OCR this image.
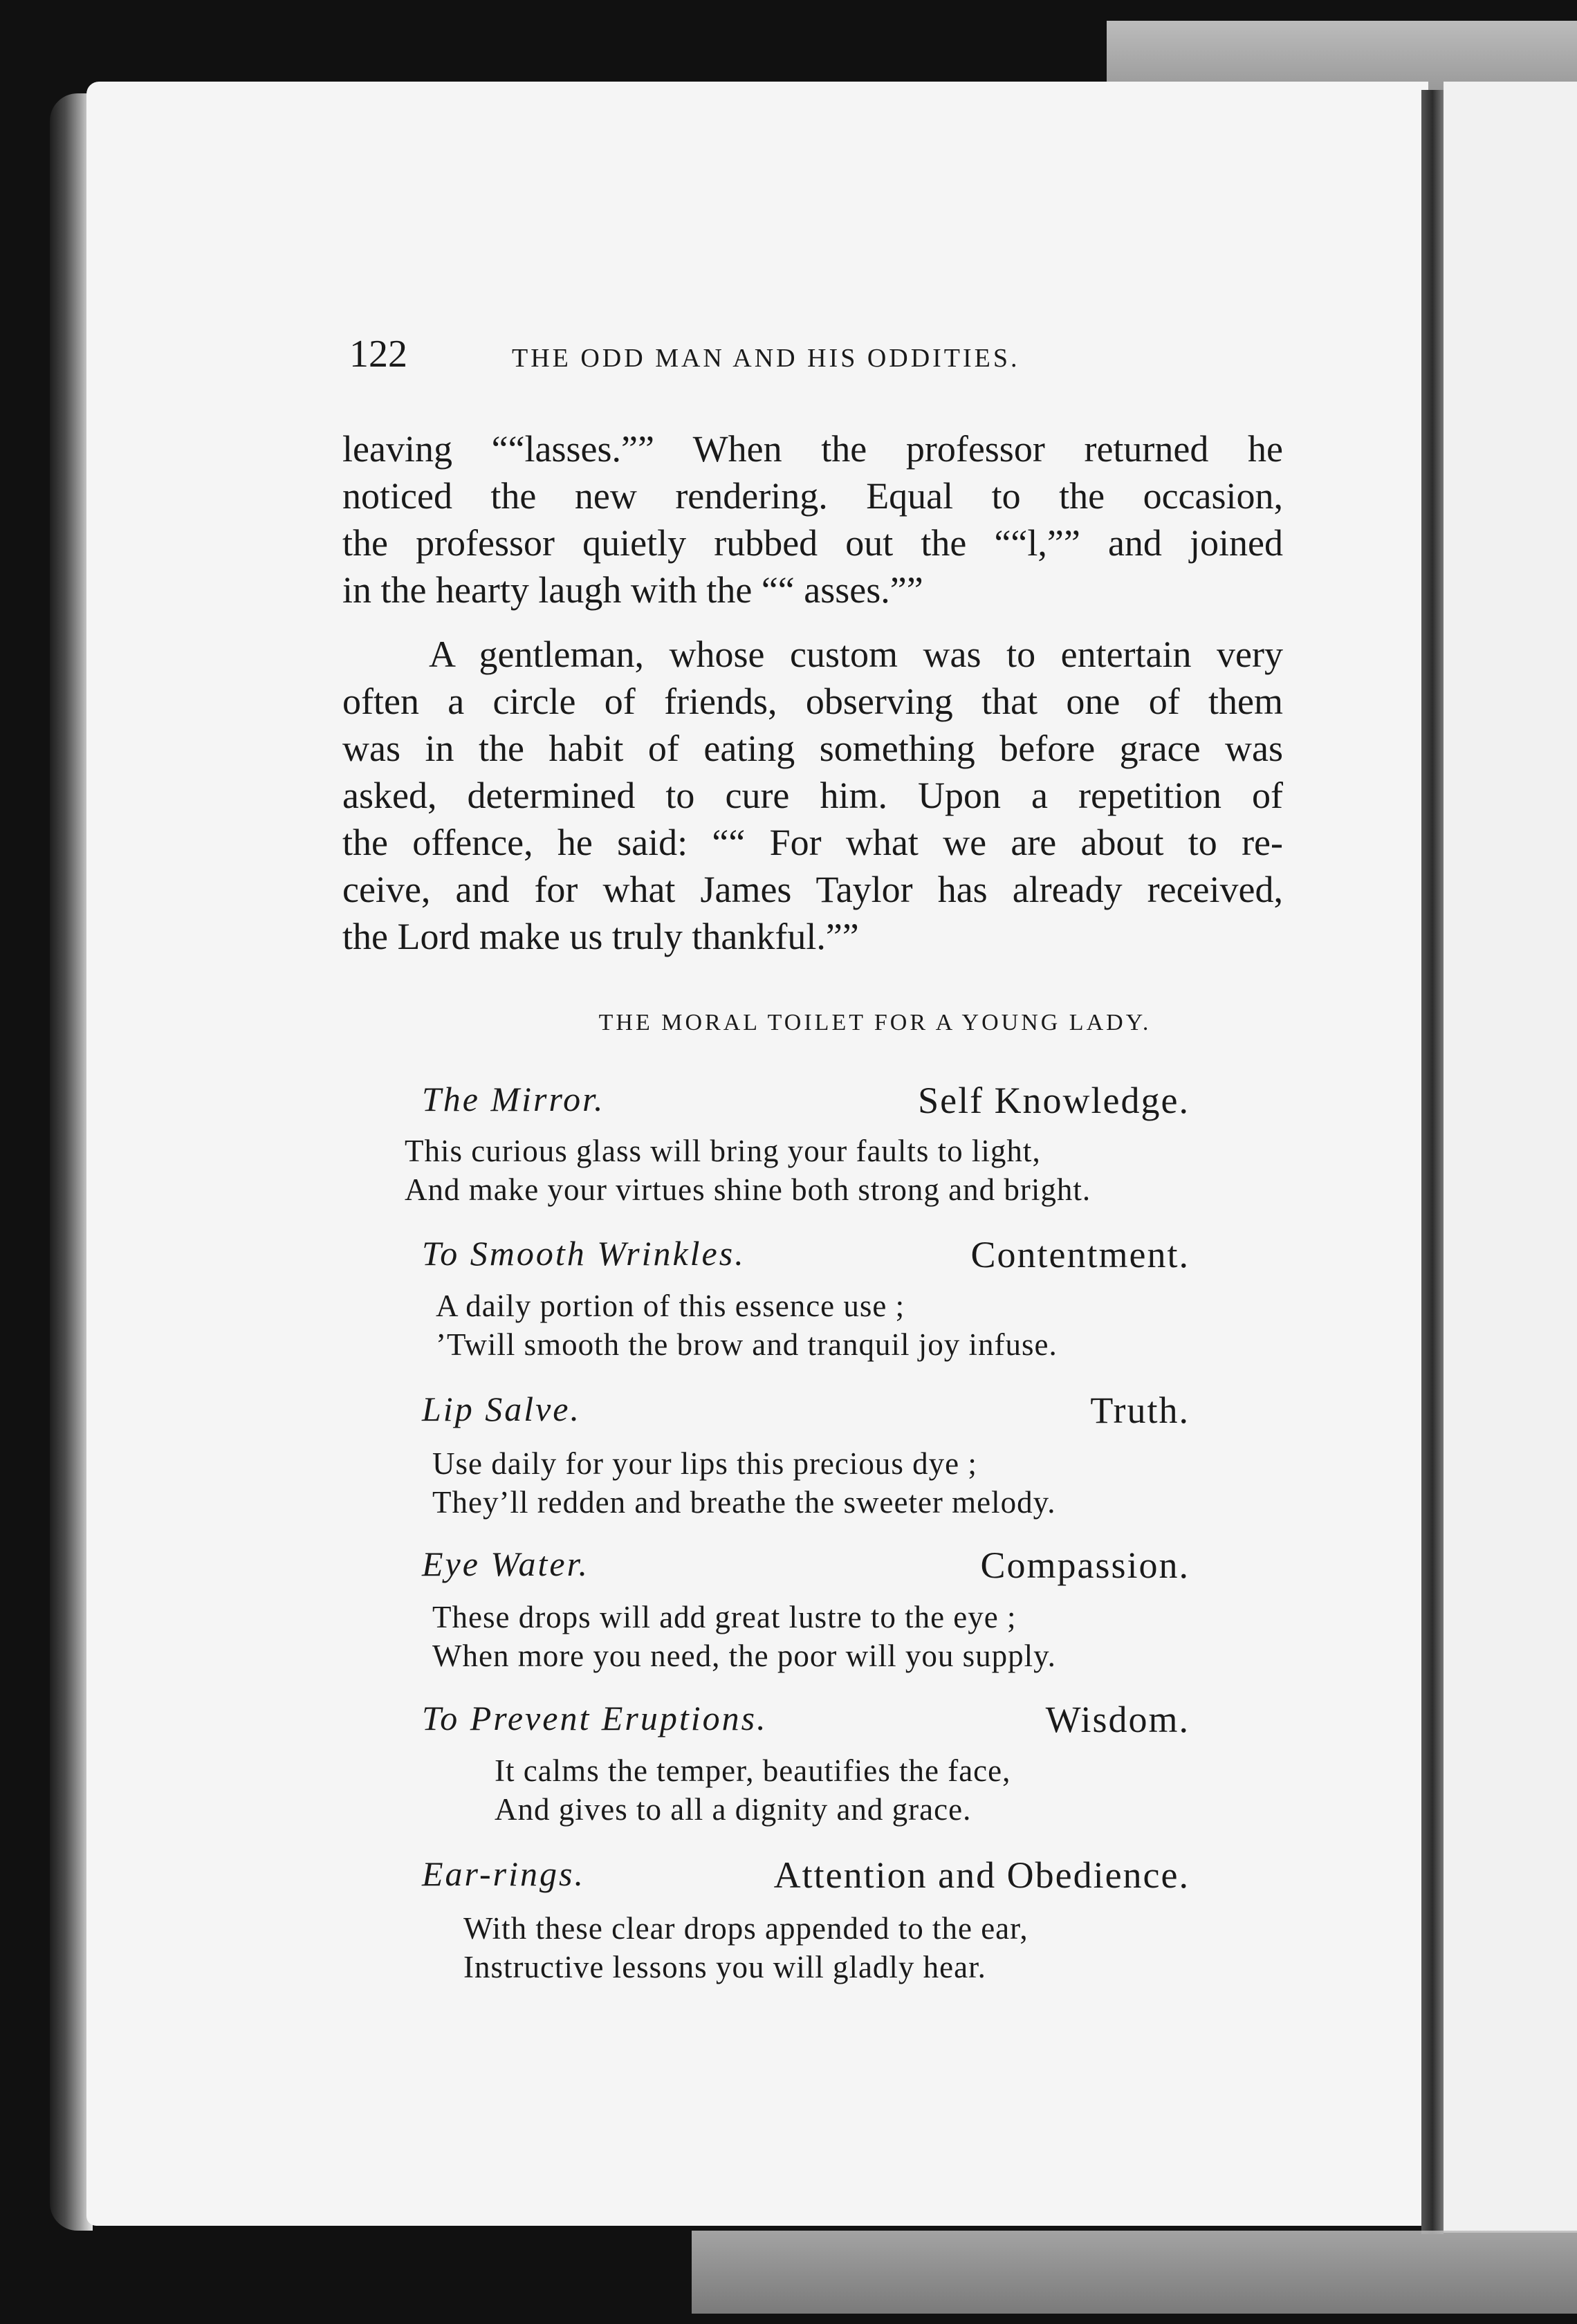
122	THE ODD MAN AND HIS ODDITIES.

leaving ““lasses.”” When the professor returned he

noticed the new rendering. Equal to the occasion,

the professor quietly rubbed out the ““l,”” and joined

in the hearty laugh with the ““ asses.””

A gentleman, whose custom was to entertain very

often a circle of friends, observing that one of them

was in the habit of eating something before grace was

asked, determined to cure him. Upon a repetition of

the offence, he said: ““ For what we are about to re-

ceive, and for what James Taylor has already received,

the Lord make us truly thankful.””

THE MORAL TOILET FOR A YOUNG LADY.
The Mirror.	Self Knowledge.
This curious glass will bring your faults to light,
And make your virtues shine both strong and bright.
To Smooth Wrinkles.	Contentment.
A daily portion of this essence use ;
’Twill smooth the brow and tranquil joy infuse.
Lip Salve.	Truth.
Use daily for your lips this precious dye ;
They’ll redden and breathe the sweeter melody.
Eye Water.	Compassion.
These drops will add great lustre to the eye ;
When more you need, the poor will you supply.
To Prevent Eruptions.	Wisdom.
It calms the temper, beautifies the face,
And gives to all a dignity and grace.
Ear-rings.	Attention and Obedience.
With these clear drops appended to the ear,
Instructive lessons you will gladly hear.
